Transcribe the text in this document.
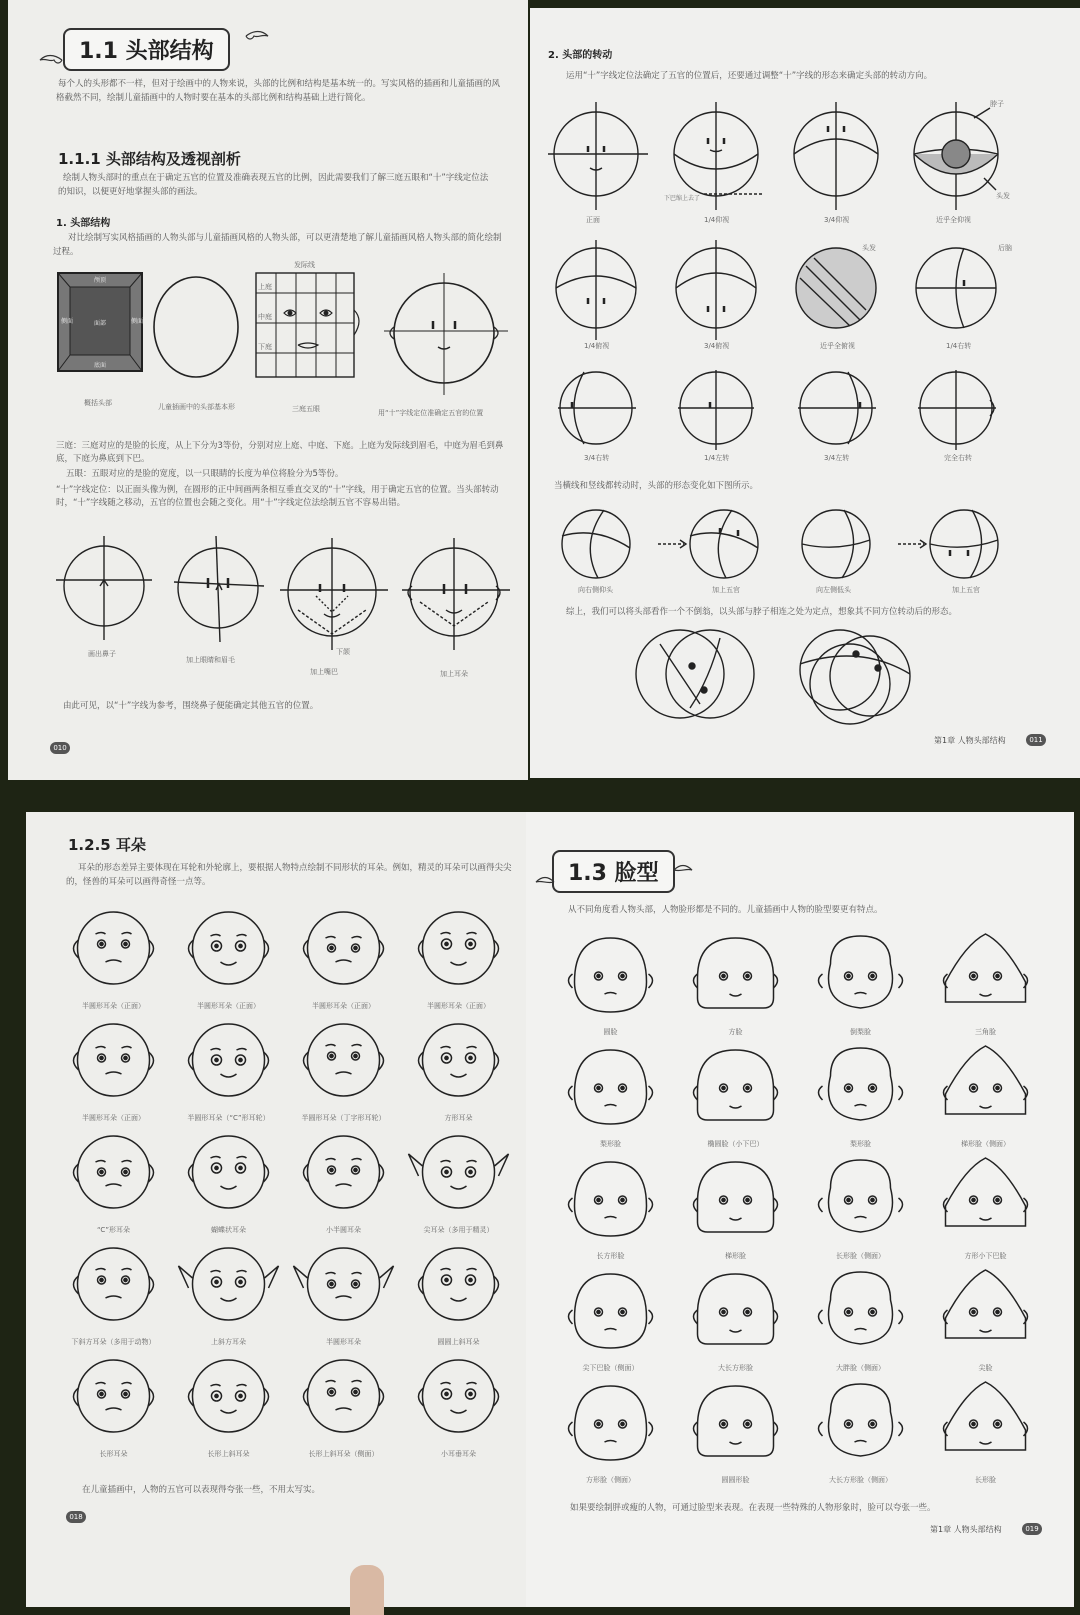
1.1 头部结构
每个人的头形都不一样，但对于绘画中的人物来说，头部的比例和结构是基本统一的。写实风格的插画和儿童插画的风
格截然不同，绘制儿童插画中的人物时要在基本的头部比例和结构基础上进行简化。
1.1.1 头部结构及透视剖析
绘制人物头部时的重点在于确定五官的位置及准确表现五官的比例，因此需要我们了解三庭五眼和“十”字线定位法
的知识，以便更好地掌握头部的画法。
1. 头部结构
对比绘制写实风格插画的人物头部与儿童插画风格的人物头部，可以更清楚地了解儿童插画风格人物头部的简化绘制
过程。
颅顶
侧面	侧面
面部
底面
发际线
上庭
中庭
下庭
概括头部	儿童插画中的头部基本形	三庭五眼	用“十”字线定位准确定五官的位置
三庭：三庭对应的是脸的长度，从上下分为3等份，分别对应上庭、中庭、下庭。上庭为发际线到眉毛，中庭为眉毛到鼻底，下庭为鼻底到下巴。
五眼：五眼对应的是脸的宽度，以一只眼睛的长度为单位将脸分为5等份。
“十”字线定位：以正面头像为例，在圆形的正中间画两条相互垂直交叉的“十”字线，用于确定五官的位置。当头部转动时，“十”字线随之移动，五官的位置也会随之变化。用“十”字线定位法绘制五官不容易出错。
画出鼻子
加上眼睛和眉毛
下颌
加上嘴巴	加上耳朵
由此可见，以“十”字线为参考，围绕鼻子便能确定其他五官的位置。
010
2. 头部的转动
运用“十”字线定位法确定了五官的位置后，还要通过调整“十”字线的形态来确定头部的转动方向。
正面
下巴缩上去了
1/4仰视	3/4仰视
脖子
头发
近乎全仰视
1/4俯视	3/4俯视	近乎全俯视
头发	后脑
1/4右转
3/4右转	1/4左转	3/4左转	完全右转
当横线和竖线都转动时，头部的形态变化如下图所示。
向右侧仰头	加上五官	向左侧低头	加上五官
综上，我们可以将头部看作一个不倒翁，以头部与脖子相连之处为定点，想象其不同方位转动后的形态。
第1章 人物头部结构	011
1.2.5 耳朵
耳朵的形态差异主要体现在耳轮和外轮廓上，要根据人物特点绘制不同形状的耳朵。例如，精灵的耳朵可以画得尖尖
的，怪兽的耳朵可以画得奇怪一点等。
半圆形耳朵（正面）	半圆形耳朵（正面）	半圆形耳朵（正面）	半圆形耳朵（正面）
半圆形耳朵（正面）	半圆形耳朵（“C”形耳轮）	半圆形耳朵（丁字形耳轮）	方形耳朵
“C”形耳朵	蝴蝶状耳朵	小半圆耳朵	尖耳朵（多用于精灵）
下斜方耳朵（多用于动物）	上斜方耳朵	半圆形耳朵	圆圆上斜耳朵
长形耳朵	长形上斜耳朵	长形上斜耳朵（侧面）	小耳垂耳朵
在儿童插画中，人物的五官可以表现得夸张一些，不用太写实。
018
1.3 脸型
从不同角度看人物头部，人物脸形都是不同的。儿童插画中人物的脸型要更有特点。
圆脸	方脸	倒梨脸	三角脸
梨形脸	椭圆脸（小下巴）	梨形脸	梯形脸（侧面）
长方形脸	梯形脸	长形脸（侧面）	方形小下巴脸
尖下巴脸（侧面）	大长方形脸	大胖脸（侧面）	尖脸
方形脸（侧面）	圆圆形脸	大长方形脸（侧面）	长形脸
如果要绘制胖或瘦的人物，可通过脸型来表现。在表现一些特殊的人物形象时，脸可以夸张一些。
第1章 人物头部结构	019
